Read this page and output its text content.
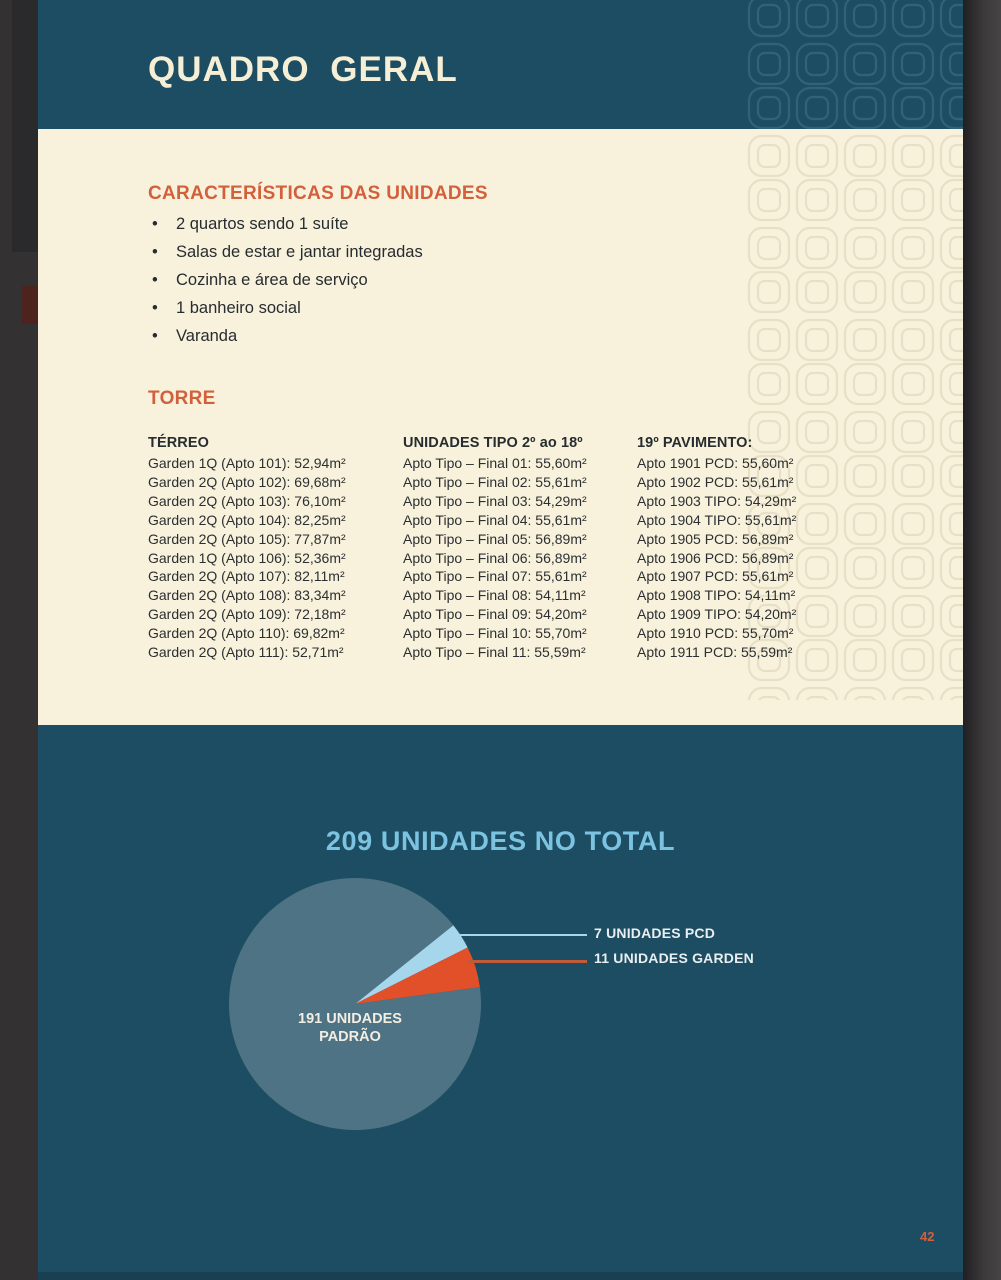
QUADRO GERAL
CARACTERÍSTICAS DAS UNIDADES
• 2 quartos sendo 1 suíte
• Salas de estar e jantar integradas
• Cozinha e área de serviço
• 1 banheiro social
• Varanda
TORRE
TÉRREO
Garden 1Q (Apto 101): 52,94m²
Garden 2Q (Apto 102): 69,68m²
Garden 2Q (Apto 103): 76,10m²
Garden 2Q (Apto 104): 82,25m²
Garden 2Q (Apto 105): 77,87m²
Garden 1Q (Apto 106): 52,36m²
Garden 2Q (Apto 107): 82,11m²
Garden 2Q (Apto 108): 83,34m²
Garden 2Q (Apto 109): 72,18m²
Garden 2Q (Apto 110): 69,82m²
Garden 2Q (Apto 111): 52,71m²
UNIDADES TIPO 2º ao 18º
Apto Tipo – Final 01: 55,60m²
Apto Tipo – Final 02: 55,61m²
Apto Tipo – Final 03: 54,29m²
Apto Tipo – Final 04: 55,61m²
Apto Tipo – Final 05: 56,89m²
Apto Tipo – Final 06: 56,89m²
Apto Tipo – Final 07: 55,61m²
Apto Tipo – Final 08: 54,11m²
Apto Tipo – Final 09: 54,20m²
Apto Tipo – Final 10: 55,70m²
Apto Tipo – Final 11: 55,59m²
19º PAVIMENTO:
Apto 1901 PCD: 55,60m²
Apto 1902 PCD: 55,61m²
Apto 1903 TIPO: 54,29m²
Apto 1904 TIPO: 55,61m²
Apto 1905 PCD: 56,89m²
Apto 1906 PCD: 56,89m²
Apto 1907 PCD: 55,61m²
Apto 1908 TIPO: 54,11m²
Apto 1909 TIPO: 54,20m²
Apto 1910 PCD: 55,70m²
Apto 1911 PCD: 55,59m²
209 UNIDADES NO TOTAL
7 UNIDADES PCD
11 UNIDADES GARDEN
191 UNIDADES PADRÃO
42
